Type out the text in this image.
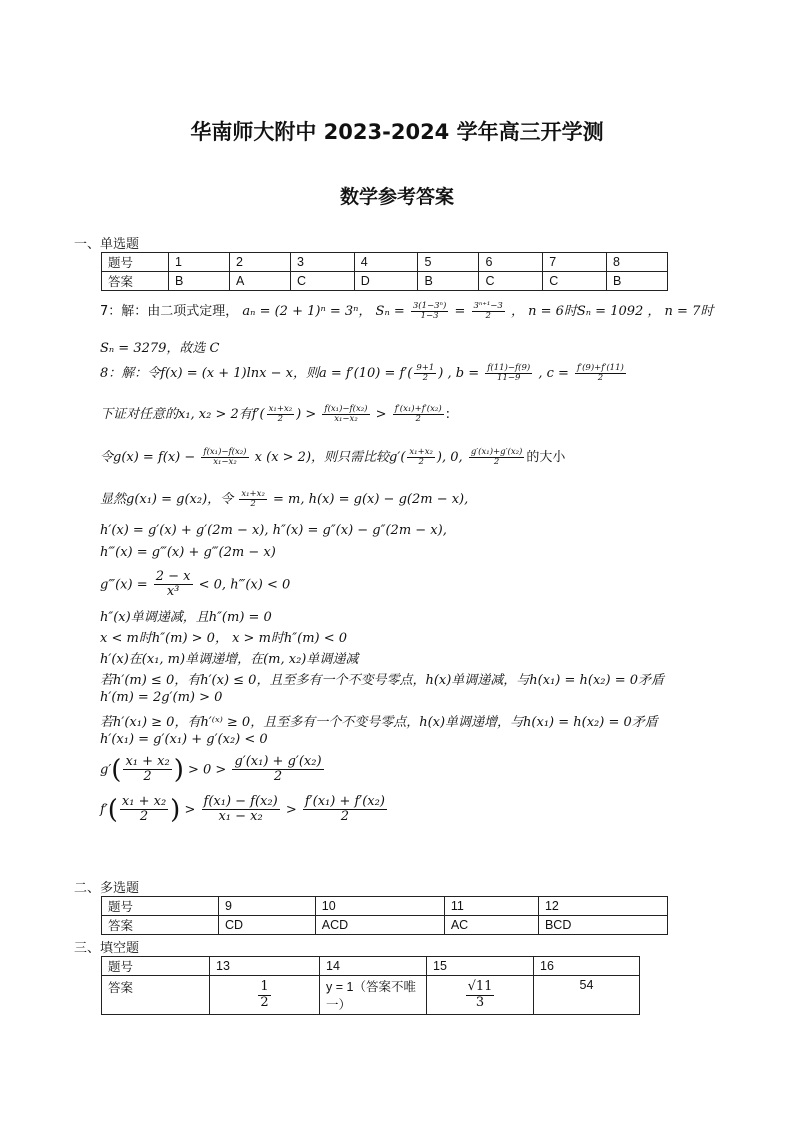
华南师大附中 2023-2024 学年高三开学测
数学参考答案
一、单选题
题号	1	2	3	4	5	6	7	8
答案	B	A	C	D	B	C	C	B
7：解：由二项式定理， aₙ = (2 + 1)ⁿ = 3ⁿ， $S_n = \frac{\text{3(1−3ⁿ)}}{1-3} = \frac{\text{3ⁿ⁺¹−3}}{2}$ ， n = 6时Sₙ = 1092 ， n = 7时
Sₙ = 3279，故选 C
8：解：令f(x) = (x + 1)lnx − x，则$a = f'(10) = f'( \frac{9+1}{2}$ ) , $b = \frac{f(11)-f(9)}{11-9}$ , $c = \frac{f'(9)+f'(11)}{2}$
下证对任意的x₁, x₂ > 2有$f'( \frac{\text{x₁+x₂}}{2}$ ) > $\frac{\text{f(x₁)−f(x₂)}}{\text{x₁−x₂}} > \frac{\text{f′(x₁)+f′(x₂)}}{2}$ :
令$g(x) = f(x) - \frac{\text{f(x₁)−f(x₂)}}{\text{x₁−x₂}}$ x (x > 2)，则只需比较$g'( \frac{\text{x₁+x₂}}{2}$ ), 0, $\frac{\text{g′(x₁)+g′(x₂)}}{2}$ 的大小
显然g(x₁) = g(x₂)，令 $\frac{\text{x₁+x₂}}{2} = m$, h(x) = g(x) − g(2m − x),
h′(x) = g′(x) + g′(2m − x), h″(x) = g″(x) − g″(2m − x),
h‴(x) = g‴(x) + g‴(2m − x)
g‴(x) = $\frac{2 - x}{\text{x³}} < 0$, h‴(x) < 0
h″(x)单调递减，且h″(m) = 0
x < m时h″(m) > 0， x > m时h″(m) < 0
h′(x)在(x₁, m)单调递增，在(m, x₂)单调递减
若h′(m) ≤ 0，有h′(x) ≤ 0，且至多有一个不变号零点，h(x)单调递减，与h(x₁) = h(x₂) = 0矛盾
h′(m) = 2g′(m) > 0
若h′(x₁) ≥ 0，有h′⁽ˣ⁾ ≥ 0，且至多有一个不变号零点，h(x)单调递增，与h(x₁) = h(x₂) = 0矛盾
h′(x₁) = g′(x₁) + g′(x₂) < 0
$g'( \frac{\text{x₁ + x₂}}{2}$ ) > $0 > \frac{\text{g′(x₁) + g′(x₂)}}{2}$
$f'( \frac{\text{x₁ + x₂}}{2}$ ) > $\frac{\text{f(x₁) − f(x₂)}}{\text{x₁ − x₂}} > \frac{\text{f′(x₁) + f′(x₂)}}{2}$
二、多选题
题号	9	10	11	12
答案	CD	ACD	AC	BCD
三、填空题
题号	13	14	15	16
答案	$\frac{1}{2}$	y = 1（答案不唯一）	$\frac{√11}{3}$	54
